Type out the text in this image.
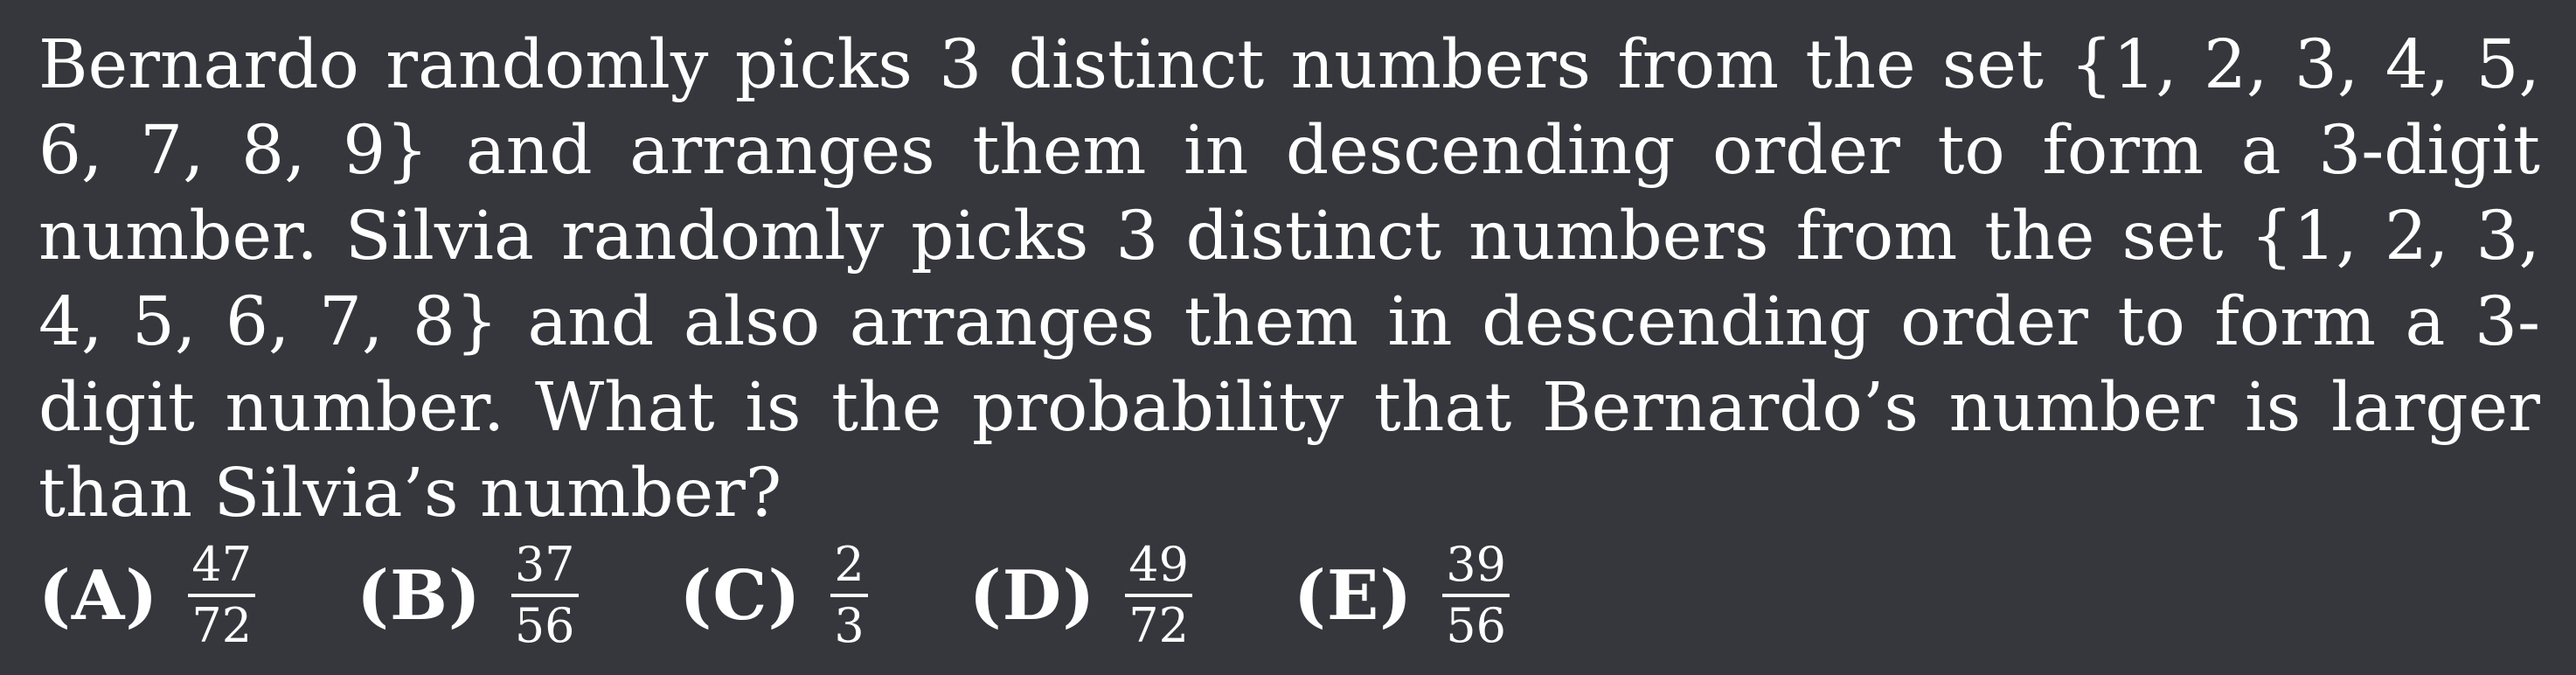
Bernardo randomly picks 3 distinct numbers from the set {1, 2, 3, 4, 5, 6, 7, 8, 9} and arranges them in descending order to form a 3-digit number. Silvia randomly picks 3 distinct numbers from the set {1, 2, 3, 4, 5, 6, 7, 8} and also arranges them in descending order to form a 3-digit number. What is the probability that Bernardo’s number is larger than Silvia’s number?
$(A) \frac{47}{72} (B) \frac{37}{56} (C) \frac{2}{3} (D) \frac{49}{72} (E) \frac{39}{56}$
